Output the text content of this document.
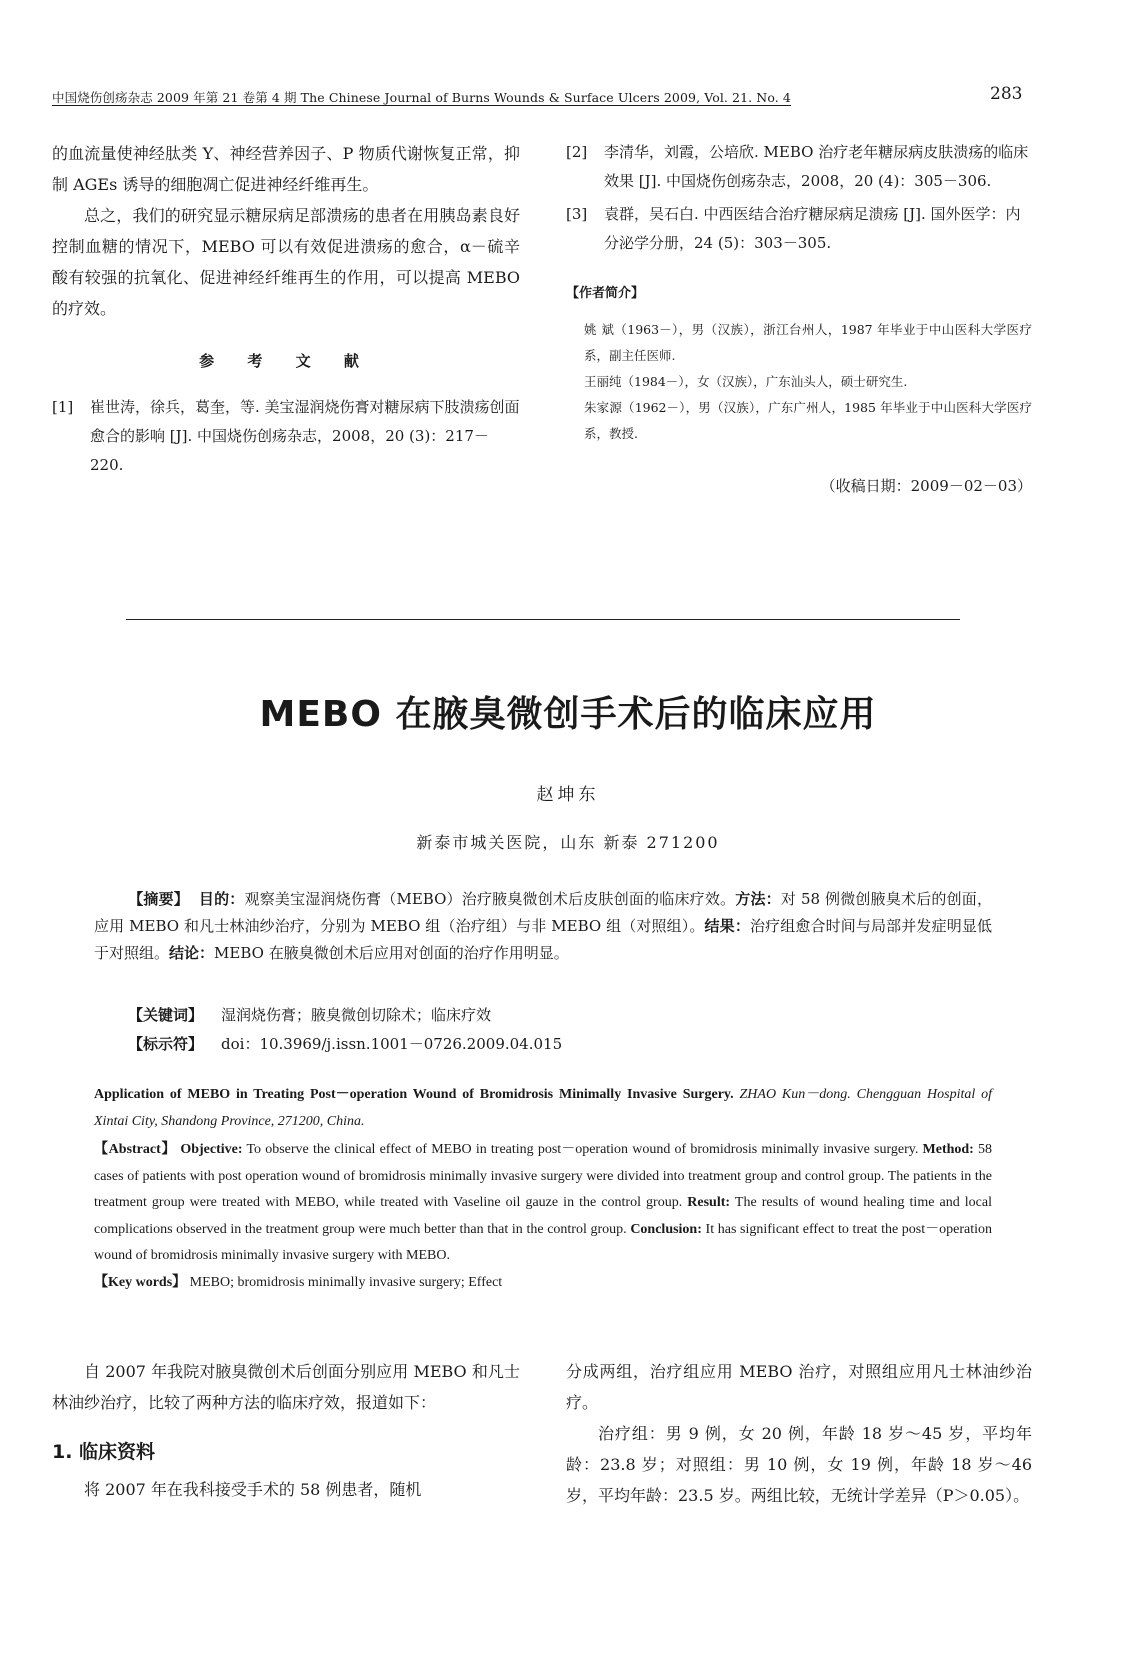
中国烧伤创疡杂志 2009 年第 21 卷第 4 期 The Chinese Journal of Burns Wounds & Surface Ulcers 2009, Vol. 21. No. 4	283

的血流量使神经肽类 Y、神经营养因子、P 物质代谢恢复正常，抑制 AGEs 诱导的细胞凋亡促进神经纤维再生。

总之，我们的研究显示糖尿病足部溃疡的患者在用胰岛素良好控制血糖的情况下，MEBO 可以有效促进溃疡的愈合，α－硫辛酸有较强的抗氧化、促进神经纤维再生的作用，可以提高 MEBO 的疗效。

参 考 文 献
[1]	崔世涛，徐兵，葛奎，等. 美宝湿润烧伤膏对糖尿病下肢溃疡创面愈合的影响 [J]. 中国烧伤创疡杂志，2008，20 (3)：217－220.
[2]	李清华，刘霞，公培欣. MEBO 治疗老年糖尿病皮肤溃疡的临床效果 [J]. 中国烧伤创疡杂志，2008，20 (4)：305－306.
[3]	袁群，吴石白. 中西医结合治疗糖尿病足溃疡 [J]. 国外医学：内分泌学分册，24 (5)：303－305.
【作者简介】

姚 斌（1963－），男（汉族），浙江台州人，1987 年毕业于中山医科大学医疗系，副主任医师.

王丽纯（1984－），女（汉族），广东汕头人，硕士研究生.

朱家源（1962－），男（汉族），广东广州人，1985 年毕业于中山医科大学医疗系，教授.

（收稿日期：2009－02－03）
MEBO 在腋臭微创手术后的临床应用
赵坤东
新泰市城关医院，山东 新泰 271200
【摘要】 目的：观察美宝湿润烧伤膏（MEBO）治疗腋臭微创术后皮肤创面的临床疗效。方法：对 58 例微创腋臭术后的创面，应用 MEBO 和凡士林油纱治疗，分别为 MEBO 组（治疗组）与非 MEBO 组（对照组）。结果：治疗组愈合时间与局部并发症明显低于对照组。结论：MEBO 在腋臭微创术后应用对创面的治疗作用明显。
【关键词】 湿润烧伤膏；腋臭微创切除术；临床疗效
【标示符】 doi：10.3969/j.issn.1001－0726.2009.04.015

Application of MEBO in Treating Post－operation Wound of Bromidrosis Minimally Invasive Surgery. ZHAO Kun－dong. Chengguan Hospital of Xintai City, Shandong Province, 271200, China.

【Abstract】 Objective: To observe the clinical effect of MEBO in treating post－operation wound of bromidrosis minimally invasive surgery. Method: 58 cases of patients with post operation wound of bromidrosis minimally invasive surgery were divided into treatment group and control group. The patients in the treatment group were treated with MEBO, while treated with Vaseline oil gauze in the control group. Result: The results of wound healing time and local complications observed in the treatment group were much better than that in the control group. Conclusion: It has significant effect to treat the post－operation wound of bromidrosis minimally invasive surgery with MEBO.

【Key words】 MEBO; bromidrosis minimally invasive surgery; Effect

自 2007 年我院对腋臭微创术后创面分别应用 MEBO 和凡士林油纱治疗，比较了两种方法的临床疗效，报道如下：

1. 临床资料

将 2007 年在我科接受手术的 58 例患者，随机

分成两组，治疗组应用 MEBO 治疗，对照组应用凡士林油纱治疗。

治疗组：男 9 例，女 20 例，年龄 18 岁～45 岁，平均年龄：23.8 岁；对照组：男 10 例，女 19 例，年龄 18 岁～46 岁，平均年龄：23.5 岁。两组比较，无统计学差异（P＞0.05）。
